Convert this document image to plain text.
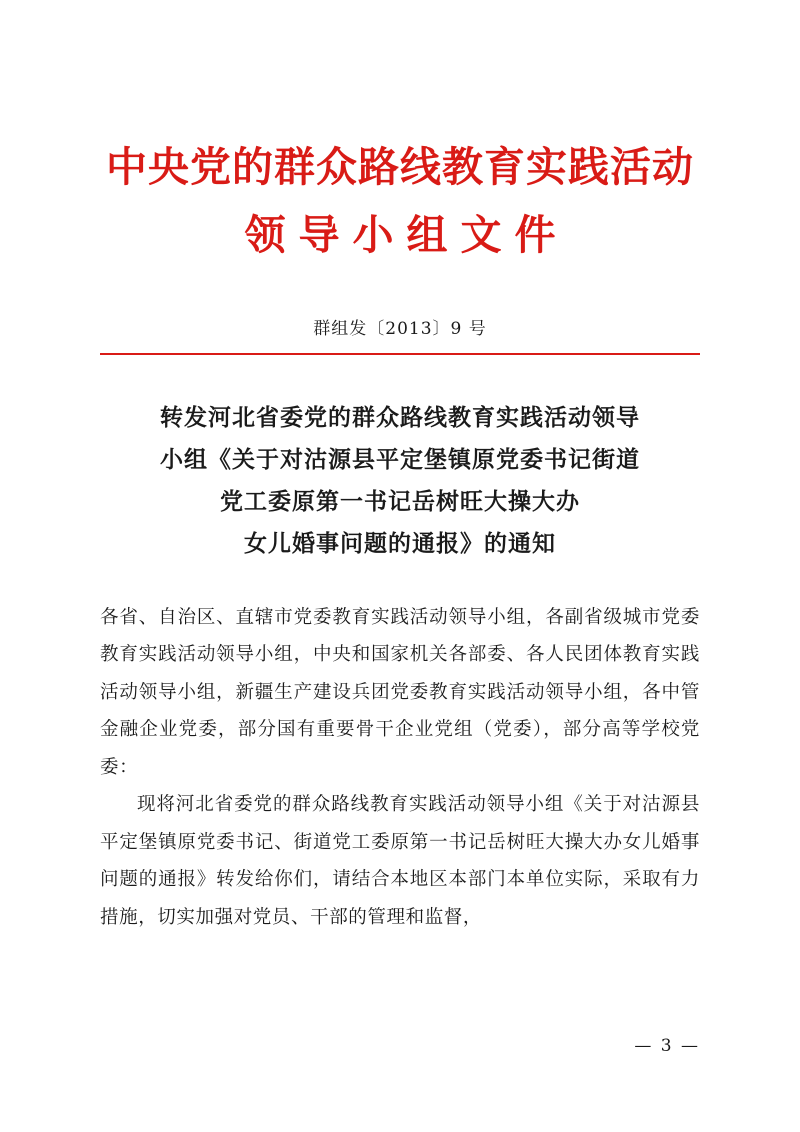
中央党的群众路线教育实践活动
领导小组文件
群组发〔2013〕9 号
转发河北省委党的群众路线教育实践活动领导
小组《关于对沽源县平定堡镇原党委书记街道
党工委原第一书记岳树旺大操大办
女儿婚事问题的通报》的通知

各省、自治区、直辖市党委教育实践活动领导小组，各副省级城市党委教育实践活动领导小组，中央和国家机关各部委、各人民团体教育实践活动领导小组，新疆生产建设兵团党委教育实践活动领导小组，各中管金融企业党委，部分国有重要骨干企业党组（党委），部分高等学校党委：

现将河北省委党的群众路线教育实践活动领导小组《关于对沽源县平定堡镇原党委书记、街道党工委原第一书记岳树旺大操大办女儿婚事问题的通报》转发给你们，请结合本地区本部门本单位实际，采取有力措施，切实加强对党员、干部的管理和监督，

— 3 —
